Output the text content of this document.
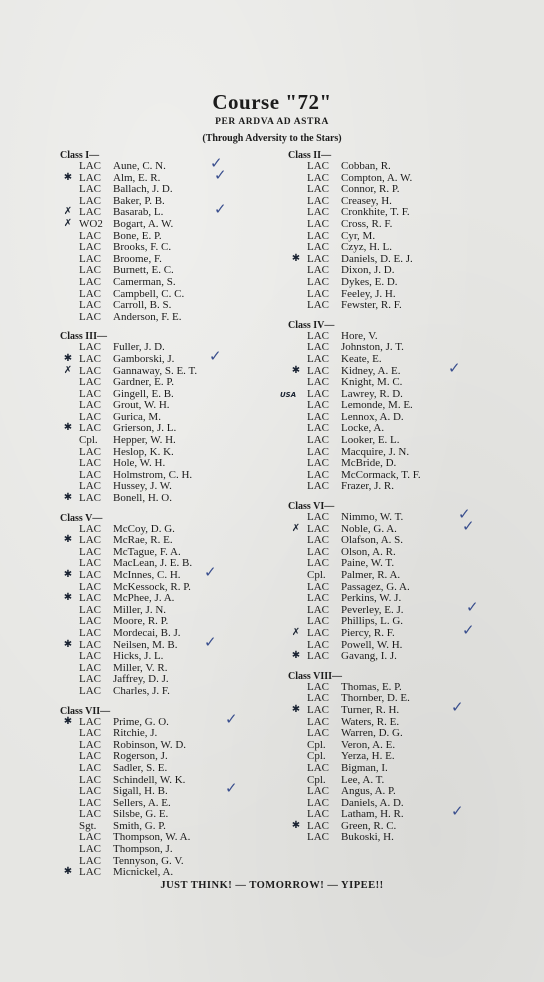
Course "72"
PER ARDVA AD ASTRA
(Through Adversity to the Stars)
Class I—
LAC Aune, C. N.	✓
✱ LAC Alm, E. R.	✓
LAC Ballach, J. D.
LAC Baker, P. B.
✗ LAC Basarab, L.	✓
✗ WO2 Bogart, A. W.
LAC Bone, E. P.
LAC Brooks, F. C.
LAC Broome, F.
LAC Burnett, E. C.
LAC Camerman, S.
LAC Campbell, C. C.
LAC Carroll, B. S.
LAC Anderson, F. E.
Class III—
LAC Fuller, J. D.
✱ LAC Gamborski, J. ✓
✗ LAC Gannaway, S. E. T.
LAC Gardner, E. P.
LAC Gingell, E. B.
LAC Grout, W. H.
LAC Gurica, M.
✱ LAC Grierson, J. L.
Cpl. Hepper, W. H.
LAC Heslop, K. K.
LAC Hole, W. H.
LAC Holmstrom, C. H.
LAC Hussey, J. W.
✱ LAC Bonell, H. O.
Class V—
LAC McCoy, D. G.
✱ LAC McRae, R. E.
LAC McTague, F. A.
LAC MacLean, J. E. B.
✱ LAC McInnes, C. H. ✓
LAC McKessock, R. P.
✱ LAC McPhee, J. A.
LAC Miller, J. N.
LAC Moore, R. P.
LAC Mordecai, B. J.
✱ LAC Neilsen, M. B. ✓
LAC Hicks, J. L.
LAC Miller, V. R.
LAC Jaffrey, D. J.
LAC Charles, J. F.
Class VII—
✱ LAC Prime, G. O.	✓
LAC Ritchie, J.
LAC Robinson, W. D.
LAC Rogerson, J.
LAC Sadler, S. E.
LAC Schindell, W. K.
LAC Sigall, H. B.	✓
LAC Sellers, A. E.
LAC Silsbe, G. E.
Sgt. Smith, G. P.
LAC Thompson, W. A.
LAC Thompson, J.
LAC Tennyson, G. V.
✱ LAC Micnickel, A.
Class II—
LAC Cobban, R.
LAC Compton, A. W.
LAC Connor, R. P.
LAC Creasey, H.
LAC Cronkhite, T. F.
LAC Cross, R. F.
LAC Cyr, M.
LAC Czyz, H. L.
✱ LAC Daniels, D. E. J.
LAC Dixon, J. D.
LAC Dykes, E. D.
LAC Feeley, J. H.
LAC Fewster, R. F.
Class IV—
LAC Hore, V.
LAC Johnston, J. T.
LAC Keate, E.
✱ LAC Kidney, A. E.	✓
LAC Knight, M. C.
USA LAC Lawrey, R. D.
LAC Lemonde, M. E.
LAC Lennox, A. D.
LAC Locke, A.
LAC Looker, E. L.
LAC Macquire, J. N.
LAC McBride, D.
LAC McCormack, T. F.
LAC Frazer, J. R.
Class VI—
LAC Nimmo, W. T.	✓
✗ LAC Noble, G. A.	✓
LAC Olafson, A. S.
LAC Olson, A. R.
LAC Paine, W. T.
Cpl. Palmer, R. A.
LAC Passagez, G. A.
LAC Perkins, W. J.
LAC Peverley, E. J.	✓
LAC Phillips, L. G.
✗ LAC Piercy, R. F.	✓
LAC Powell, W. H.
✱ LAC Gavang, I. J.
Class VIII—
LAC Thomas, E. P.
LAC Thornber, D. E.
✱ LAC Turner, R. H.	✓
LAC Waters, R. E.
LAC Warren, D. G.
Cpl. Veron, A. E.
Cpl. Yerza, H. E.
LAC Bigman, I.
Cpl. Lee, A. T.
LAC Angus, A. P.
LAC Daniels, A. D.
LAC Latham, H. R.	✓
✱ LAC Green, R. C.
LAC Bukoski, H.
JUST THINK! — TOMORROW! — YIPEE!!
